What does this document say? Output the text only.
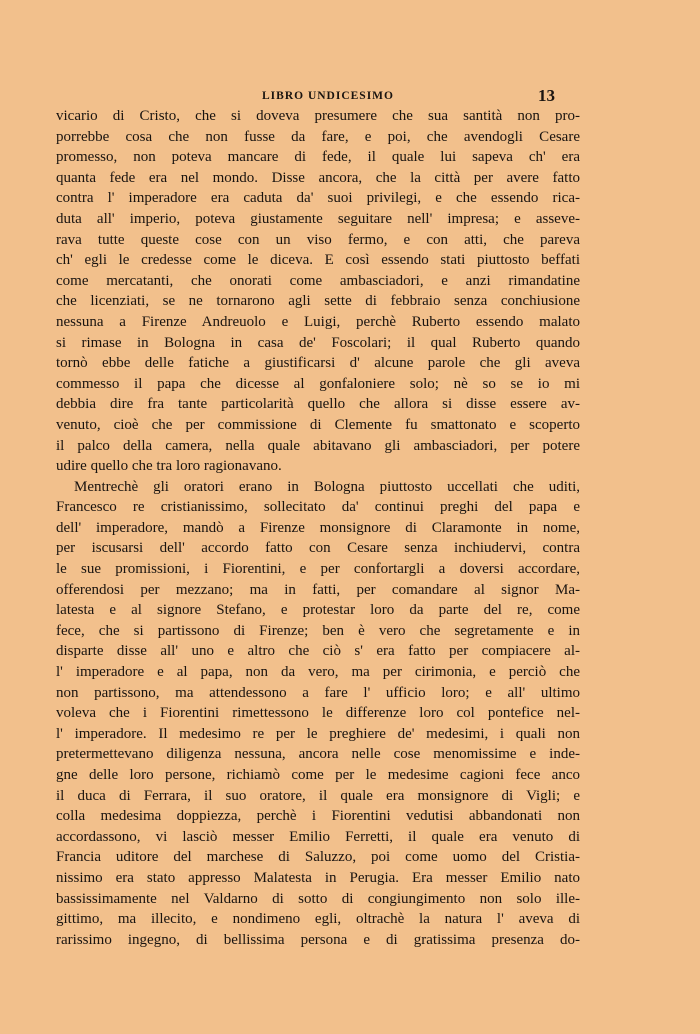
LIBRO UNDICESIMO	13
vicario di Cristo, che si doveva presumere che sua santità non pro-
porrebbe cosa che non fusse da fare, e poi, che avendogli Cesare
promesso, non poteva mancare di fede, il quale lui sapeva ch' era
quanta fede era nel mondo. Disse ancora, che la città per avere fatto
contra l' imperadore era caduta da' suoi privilegi, e che essendo rica-
duta all' imperio, poteva giustamente seguitare nell' impresa; e asseve-
rava tutte queste cose con un viso fermo, e con atti, che pareva
ch' egli le credesse come le diceva. E così essendo stati piuttosto beffati
come mercatanti, che onorati come ambasciadori, e anzi rimandatine
che licenziati, se ne tornarono agli sette di febbraio senza conchiusione
nessuna a Firenze Andreuolo e Luigi, perchè Ruberto essendo malato
si rimase in Bologna in casa de' Foscolari; il qual Ruberto quando
tornò ebbe delle fatiche a giustificarsi d' alcune parole che gli aveva
commesso il papa che dicesse al gonfaloniere solo; nè so se io mi
debbia dire fra tante particolarità quello che allora si disse essere av-
venuto, cioè che per commissione di Clemente fu smattonato e scoperto
il palco della camera, nella quale abitavano gli ambasciadori, per potere
udire quello che tra loro ragionavano.
Mentrechè gli oratori erano in Bologna piuttosto uccellati che uditi,
Francesco re cristianissimo, sollecitato da' continui preghi del papa e
dell' imperadore, mandò a Firenze monsignore di Claramonte in nome,
per iscusarsi dell' accordo fatto con Cesare senza inchiudervi, contra
le sue promissioni, i Fiorentini, e per confortargli a doversi accordare,
offerendosi per mezzano; ma in fatti, per comandare al signor Ma-
latesta e al signore Stefano, e protestar loro da parte del re, come
fece, che si partissono di Firenze; ben è vero che segretamente e in
disparte disse all' uno e altro che ciò s' era fatto per compiacere al-
l' imperadore e al papa, non da vero, ma per cirimonia, e perciò che
non partissono, ma attendessono a fare l' ufficio loro; e all' ultimo
voleva che i Fiorentini rimettessono le differenze loro col pontefice nel-
l' imperadore. Il medesimo re per le preghiere de' medesimi, i quali non
pretermettevano diligenza nessuna, ancora nelle cose menomissime e inde-
gne delle loro persone, richiamò come per le medesime cagioni fece anco
il duca di Ferrara, il suo oratore, il quale era monsignore di Vigli; e
colla medesima doppiezza, perchè i Fiorentini vedutisi abbandonati non
accordassono, vi lasciò messer Emilio Ferretti, il quale era venuto di
Francia uditore del marchese di Saluzzo, poi come uomo del Cristia-
nissimo era stato appresso Malatesta in Perugia. Era messer Emilio nato
bassissimamente nel Valdarno di sotto di congiungimento non solo ille-
gittimo, ma illecito, e nondimeno egli, oltrachè la natura l' aveva di
rarissimo ingegno, di bellissima persona e di gratissima presenza do-
